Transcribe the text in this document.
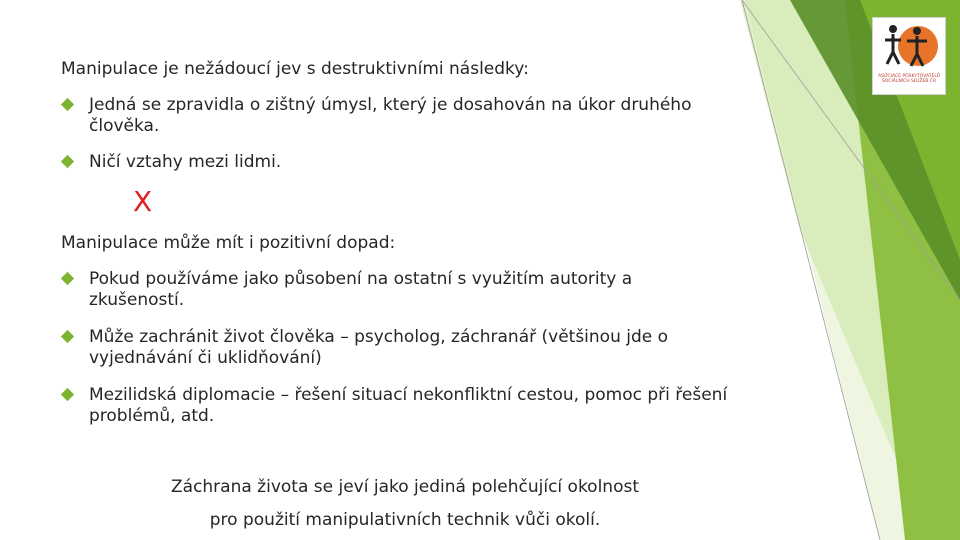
ASOCIACE POSKYTOVATELŮ SOCIÁLNÍCH SLUŽEB ČR
Manipulace je nežádoucí jev s destruktivními následky:
Jedná se zpravidla o zištný úmysl, který je dosahován na úkor druhého člověka.
Ničí vztahy mezi lidmi.
X
Manipulace může mít i pozitivní dopad:
Pokud používáme jako působení na ostatní s využitím autority a zkušeností.
Může zachránit život člověka – psycholog, záchranář (většinou jde o vyjednávání či uklidňování)
Mezilidská diplomacie – řešení situací nekonfliktní cestou, pomoc při řešení problémů, atd.
Záchrana života se jeví jako jediná polehčující okolnost
pro použití manipulativních technik vůči okolí.
